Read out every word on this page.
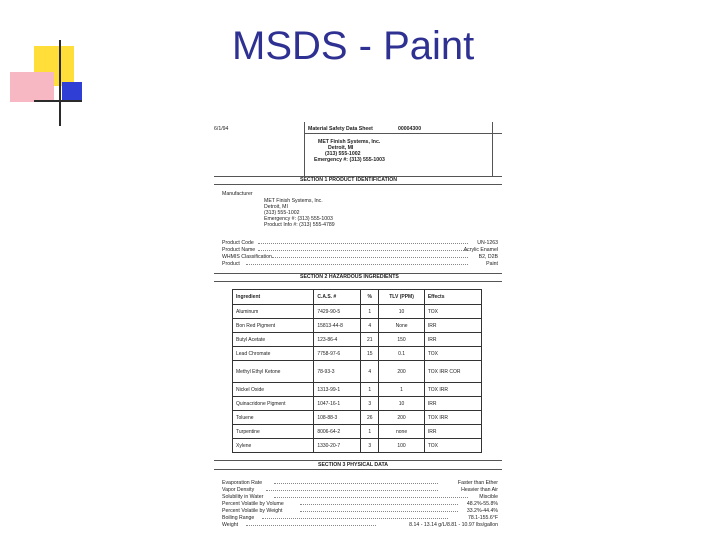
MSDS - Paint
6/1/94	Material Safety Data Sheet	00004300
MET Finish Systems, Inc.
Detroit, MI
(313) 555-1002
Emergency #: (313) 555-1003
SECTION 1 PRODUCT IDENTIFICATION
Manufacturer
MET Finish Systems, Inc.
Detroit, MI
(313) 555-1002
Emergency #: (313) 555-1003
Product Info #: (313) 555-4789
Product Code	UN-1263
Product Name	Acrylic Enamel
WHMIS Classification	B2, D2B
Product	Paint
SECTION 2 HAZARDOUS INGREDIENTS
Ingredient	C.A.S. #	%	TLV (PPM)	Effects
Aluminum	7429-90-5	1	10	TOX
Bon Red Pigment	15813-44-8	4	None	IRR
Butyl Acetate	123-86-4	21	150	IRR
Lead Chromate	7758-97-6	15	0.1	TOX
Methyl Ethyl Ketone	78-93-3	4	200	TOX IRR COR
Nickel Oxide	1313-99-1	1	1	TOX IRR
Quinacridone Pigment	1047-16-1	3	10	IRR
Toluene	108-88-3	26	200	TOX IRR
Turpentine	8006-64-2	1	none	IRR
Xylene	1330-20-7	3	100	TOX
SECTION 3 PHYSICAL DATA
Evaporation Rate	Faster than Ether
Vapor Density	Heavier than Air
Solubility in Water	Miscible
Percent Volatile by Volume	48.2%-55.8%
Percent Volatile by Weight	33.2%-44.4%
Boiling Range	78.1-155.6°F
Weight	8.14 - 13.14 g/L/8.81 - 10.97 lbs/gallon
